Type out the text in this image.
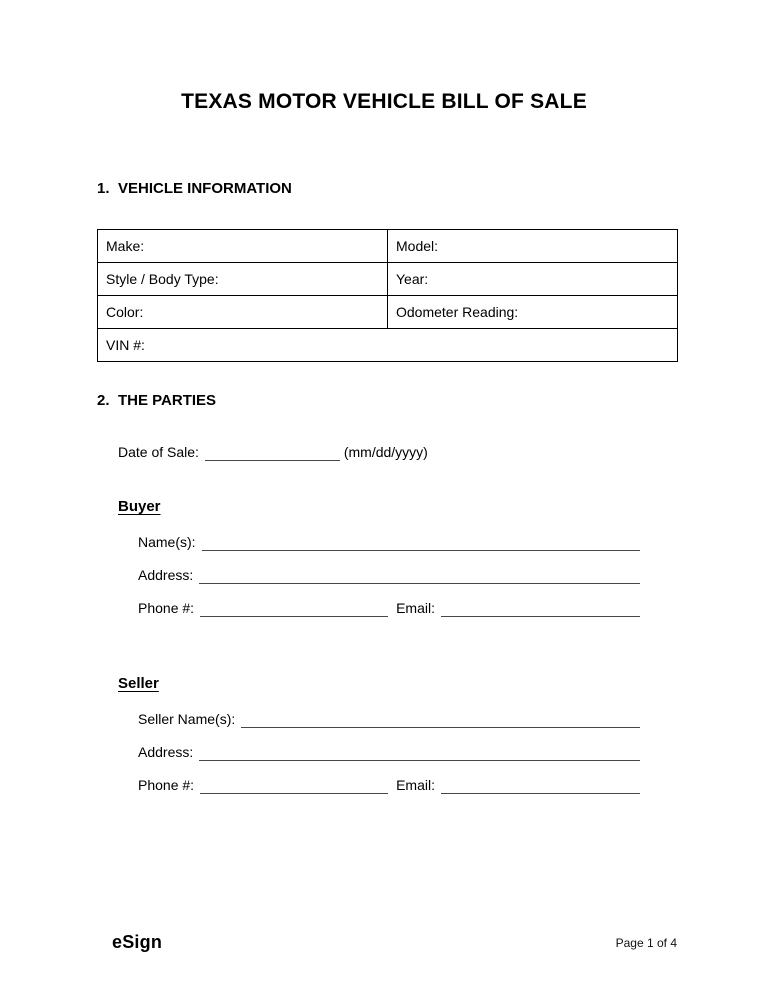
TEXAS MOTOR VEHICLE BILL OF SALE
1. VEHICLE INFORMATION
Make:	Model:
Style / Body Type:	Year:
Color:	Odometer Reading:
VIN #:	
2. THE PARTIES
Date of Sale:
	(mm/dd/yyyy)
Buyer
Name(s):
Address:
Phone #:	Email:
Seller
Seller Name(s):
Address:
Phone #:	Email:
eSign	Page 1 of 4
